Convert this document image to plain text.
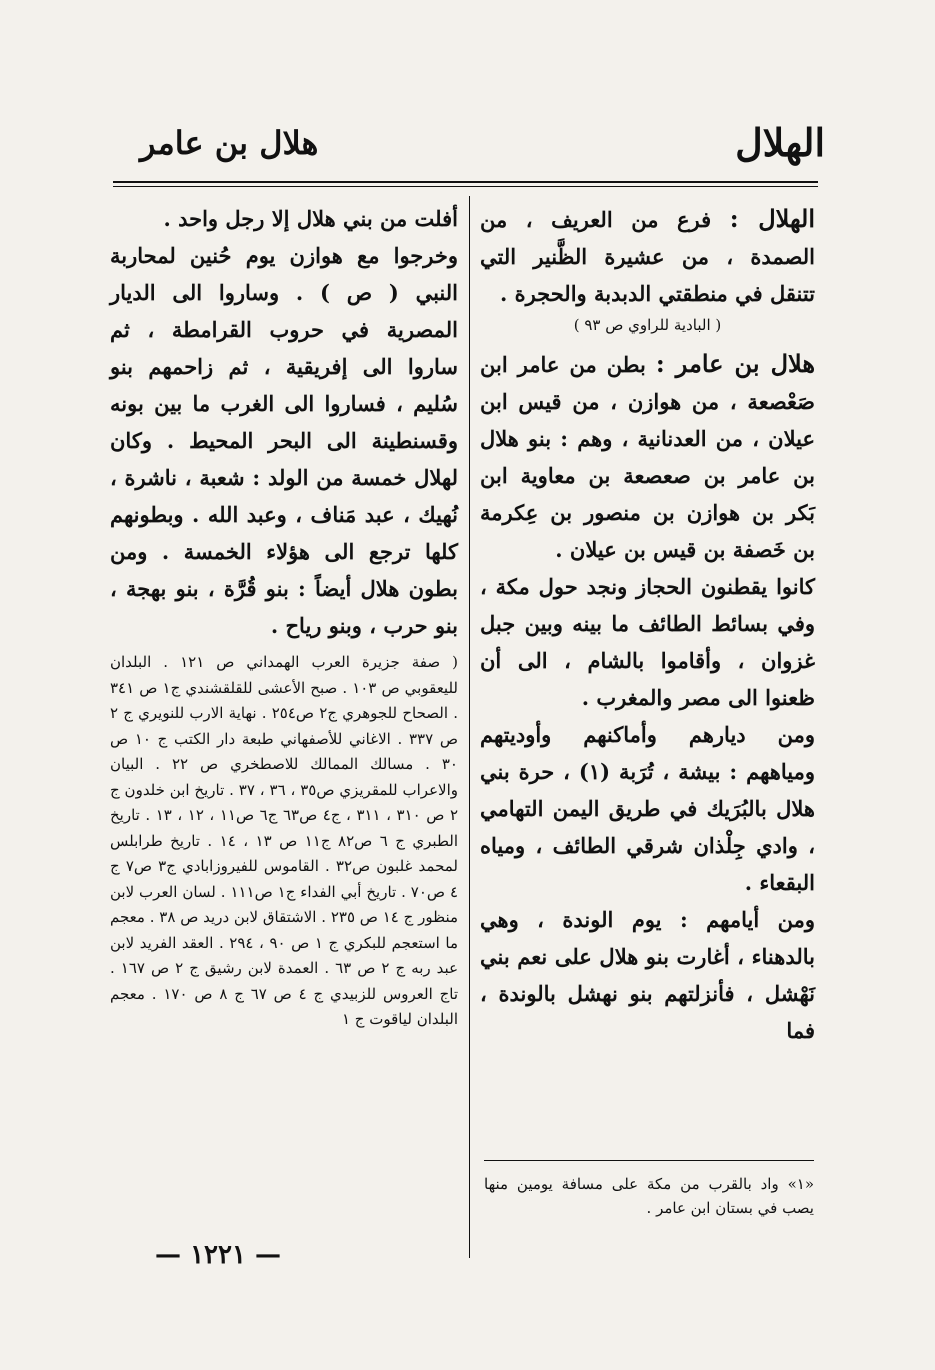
الهلال
هلال بن عامر

الهلال : فرع من العريف ، من الصمدة ، من عشيرة الظَّنير التي تتنقل في منطقتي الدبدبة والحجرة .

( البادية للراوي ص ٩٣ )

هلال بن عامر : بطن من عامر ابن صَعْصعة ، من هوازن ، من قيس ابن عيلان ، من العدنانية ، وهم : بنو هلال بن عامر بن صعصعة بن معاوية ابن بَكر بن هوازن بن منصور بن عِكرمة بن خَصفة بن قيس بن عيلان .

كانوا يقطنون الحجاز ونجد حول مكة ، وفي بسائط الطائف ما بينه وبين جبل غزوان ، وأقاموا بالشام ، الى أن ظعنوا الى مصر والمغرب .

ومن ديارهم وأماكنهم وأوديتهم ومياههم : بيشة ، تُرَبة (١) ، حرة بني هلال بالبُرَيك في طريق اليمن التهامي ، وادي جِلْذان شرقي الطائف ، ومياه البقعاء .

ومن أيامهم : يوم الوندة ، وهي بالدهناء ، أغارت بنو هلال على نعم بني نَهْشل ، فأنزلتهم بنو نهشل بالوندة ، فما

أفلت من بني هلال إلا رجل واحد .

وخرجوا مع هوازن يوم حُنين لمحاربة النبي ( ص ) . وساروا الى الديار المصرية في حروب القرامطة ، ثم ساروا الى إفريقية ، ثم زاحمهم بنو سُليم ، فساروا الى الغرب ما بين بونه وقسنطينة الى البحر المحيط . وكان لهلال خمسة من الولد : شعبة ، ناشرة ، نُهيك ، عبد مَناف ، وعبد الله . وبطونهم كلها ترجع الى هؤلاء الخمسة . ومن بطون هلال أيضاً : بنو قُرَّة ، بنو بهجة ، بنو حرب ، وبنو رياح .

( صفة جزيرة العرب الهمداني ص ١٢١ . البلدان لليعقوبي ص ١٠٣ . صبح الأعشى للقلقشندي ج١ ص ٣٤١ . الصحاح للجوهري ج٢ ص٢٥٤ . نهاية الارب للنويري ج ٢ ص ٣٣٧ . الاغاني للأصفهاني طبعة دار الكتب ج ١٠ ص ٣٠ . مسالك الممالك للاصطخري ص ٢٢ . البيان والاعراب للمقريزي ص٣٥ ، ٣٦ ، ٣٧ . تاريخ ابن خلدون ج ٢ ص ٣١٠ ، ٣١١ ، ج٤ ص٦٣ ج٦ ص١١ ، ١٢ ، ١٣ . تاريخ الطبري ج ٦ ص٨٢ ج١١ ص ١٣ ، ١٤ . تاريخ طرابلس لمحمد غلبون ص٣٢ . القاموس للفيروزابادي ج٣ ص٧ ج ٤ ص٧٠ . تاريخ أبي الفداء ج١ ص١١١ . لسان العرب لابن منظور ج ١٤ ص ٢٣٥ . الاشتقاق لابن دريد ص ٣٨ . معجم ما استعجم للبكري ج ١ ص ٩٠ ، ٢٩٤ . العقد الفريد لابن عبد ربه ج ٢ ص ٦٣ . العمدة لابن رشيق ج ٢ ص ١٦٧ . تاج العروس للزبيدي ج ٤ ص ٦٧ ج ٨ ص ١٧٠ . معجم البلدان لياقوت ج ١

«١» واد بالقرب من مكة على مسافة يومين منها يصب في بستان ابن عامر .
— ١٢٢١ —
